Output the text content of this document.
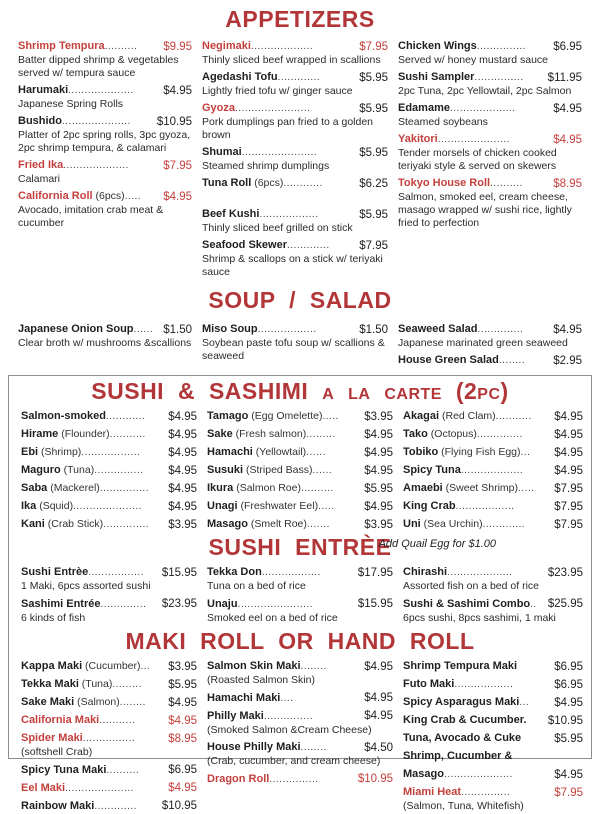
APPETIZERS
Shrimp Tempura..........	$9.95
Batter dipped shrimp & vegetables served w/ tempura sauce
Harumaki....................	$4.95
Japanese Spring Rolls
Bushido.....................	$10.95
Platter of 2pc spring rolls, 3pc gyoza, 2pc shrimp tempura, & calamari
Fried Ika....................	$7.95
Calamari
California Roll (6pcs).....	$4.95
Avocado, imitation crab meat & cucumber
Negimaki...................	$7.95
Thinly sliced beef wrapped in scallions
Agedashi Tofu.............	$5.95
Lightly fried tofu w/ ginger sauce
Gyoza.......................	$5.95
Pork dumplings pan fried to a golden brown
Shumai.......................	$5.95
Steamed shrimp dumplings
Tuna Roll (6pcs)............	$6.25
Beef Kushi..................	$5.95
Thinly sliced beef grilled on stick
Seafood Skewer.............	$7.95
Shrimp & scallops on a stick w/ teriyaki sauce
Chicken Wings...............	$6.95
Served w/ honey mustard sauce
Sushi Sampler...............	$11.95
2pc Tuna, 2pc Yellowtail, 2pc Salmon
Edamame....................	$4.95
Steamed soybeans
Yakitori......................	$4.95
Tender morsels of chicken cooked teriyaki style & served on skewers
Tokyo House Roll..........	$8.95
Salmon, smoked eel, cream cheese, masago wrapped w/ sushi rice, lightly fried to perfection
SOUP / SALAD
Japanese Onion Soup...... $1.50
Clear broth w/ mushrooms &scallions
Miso Soup..................	$1.50
Soybean paste tofu soup w/ scallions & seaweed
Seaweed Salad..............	$4.95
Japanese marinated green seaweed
House Green Salad........	$2.95
SUSHI & SASHIMI a la carte (2pc)
Salmon-smoked............	$4.95
Hirame (Flounder)...........	$4.95
Ebi (Shrimp)..................	$4.95
Maguro (Tuna)...............	$4.95
Saba (Mackerel)...............	$4.95
Ika (Squid).....................	$4.95
Kani (Crab Stick)..............	$3.95
Tamago (Egg Omelette).....	$3.95
Sake (Fresh salmon).........	$4.95
Hamachi (Yellowtail)......	$4.95
Susuki (Striped Bass)......	$4.95
Ikura (Salmon Roe)..........	$5.95
Unagi (Freshwater Eel).....	$4.95
Masago (Smelt Roe).......	$3.95
Akagai (Red Clam)...........	$4.95
Tako (Octopus)..............	$4.95
Tobiko (Flying Fish Egg)...	$4.95
Spicy Tuna...................	$4.95
Amaebi (Sweet Shrimp).....	$7.95
King Crab..................	$7.95
Uni (Sea Urchin).............	$7.95
SUSHI ENTRÈE
Add Quail Egg for $1.00
Sushi Entrèe.................	$15.95
1 Maki, 6pcs assorted sushi
Sashimi Entrée..............	$23.95
6 kinds of fish
Tekka Don..................	$17.95
Tuna on a bed of rice
Unaju.......................	$15.95
Smoked eel on a bed of rice
Chirashi....................	$23.95
Assorted fish on a bed of rice
Sushi & Sashimi Combo.. $25.95
6pcs sushi, 8pcs sashimi, 1 maki
MAKI ROLL OR HAND ROLL
Kappa Maki (Cucumber)...	$3.95
Tekka Maki (Tuna).........	$5.95
Sake Maki (Salmon)........	$4.95
California Maki...........	$4.95
Spider Maki................	$8.95
(softshell Crab)
Spicy Tuna Maki..........	$6.95
Eel Maki.....................	$4.95
Rainbow Maki.............	$10.95
Salmon Skin Maki........	$4.95
(Roasted Salmon Skin)
Hamachi Maki....	$4.95
Philly Maki...............	$4.95
(Smoked Salmon &Cream Cheese)
House Philly Maki........	$4.50
(Crab, cucumber, and cream cheese)
Dragon Roll...............	$10.95
Shrimp Tempura Maki	$6.95
Futo Maki..................	$6.95
Spicy Asparagus Maki...	$4.95
King Crab & Cucumber.	$10.95
Tuna, Avocado & Cuke	$5.95
Shrimp, Cucumber & Masago.....................	$4.95
Miami Heat...............	$7.95
(Salmon, Tuna, Whitefish)
